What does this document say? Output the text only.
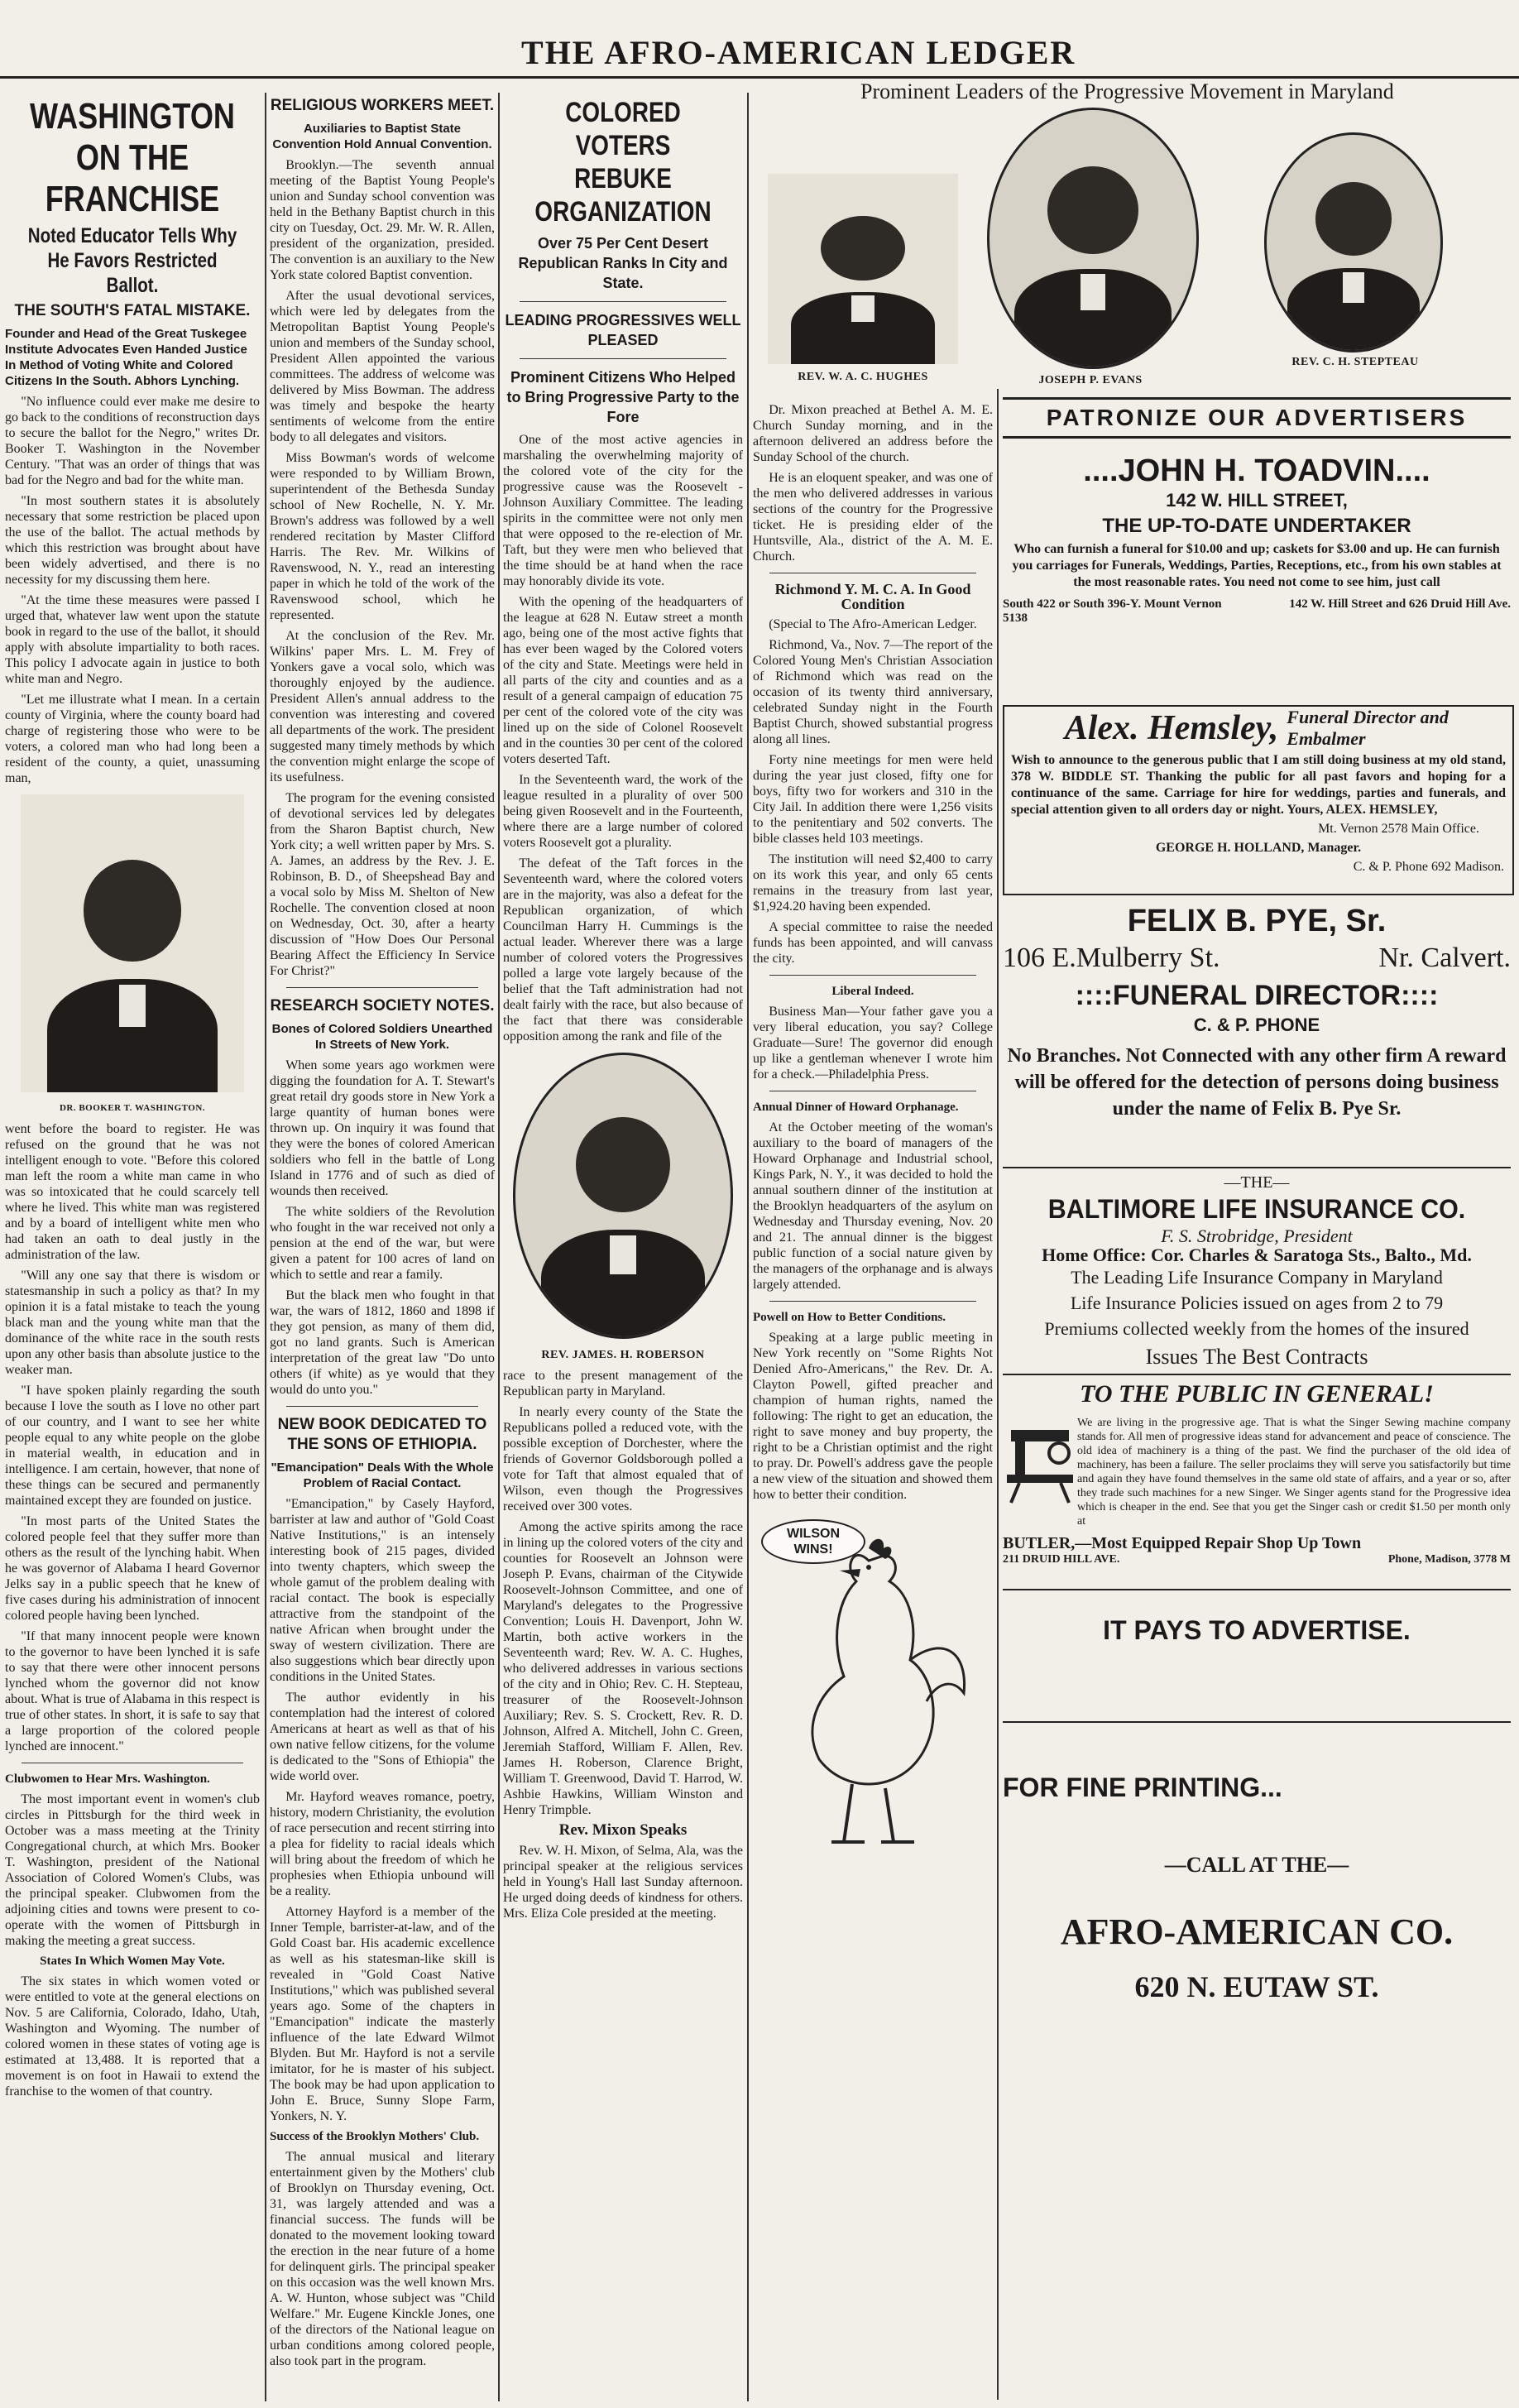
THE AFRO-AMERICAN LEDGER
Prominent Leaders of the Progressive Movement in Maryland
WASHINGTON ON THE FRANCHISE
Noted Educator Tells Why He Favors Restricted Ballot.
THE SOUTH'S FATAL MISTAKE.
Founder and Head of the Great Tuskegee Institute Advocates Even Handed Justice In Method of Voting White and Colored Citizens In the South. Abhors Lynching.

"No influence could ever make me desire to go back to the conditions of reconstruction days to secure the ballot for the Negro," writes Dr. Booker T. Washington in the November Century. "That was an order of things that was bad for the Negro and bad for the white man.

"In most southern states it is absolutely necessary that some restriction be placed upon the use of the ballot. The actual methods by which this restriction was brought about have been widely advertised, and there is no necessity for my discussing them here.

"At the time these measures were passed I urged that, whatever law went upon the statute book in regard to the use of the ballot, it should apply with absolute impartiality to both races. This policy I advocate again in justice to both white man and Negro.

"Let me illustrate what I mean. In a certain county of Virginia, where the county board had charge of registering those who were to be voters, a colored man who had long been a resident of the county, a quiet, unassuming man,

DR. BOOKER T. WASHINGTON.

went before the board to register. He was refused on the ground that he was not intelligent enough to vote. "Before this colored man left the room a white man came in who was so intoxicated that he could scarcely tell where he lived. This white man was registered and by a board of intelligent white men who had taken an oath to deal justly in the administration of the law.

"Will any one say that there is wisdom or statesmanship in such a policy as that? In my opinion it is a fatal mistake to teach the young black man and the young white man that the dominance of the white race in the south rests upon any other basis than absolute justice to the weaker man.

"I have spoken plainly regarding the south because I love the south as I love no other part of our country, and I want to see her white people equal to any white people on the globe in material wealth, in education and in intelligence. I am certain, however, that none of these things can be secured and permanently maintained except they are founded on justice.

"In most parts of the United States the colored people feel that they suffer more than others as the result of the lynching habit. When he was governor of Alabama I heard Governor Jelks say in a public speech that he knew of five cases during his administration of innocent colored people having been lynched.

"If that many innocent people were known to the governor to have been lynched it is safe to say that there were other innocent persons lynched whom the governor did not know about. What is true of Alabama in this respect is true of other states. In short, it is safe to say that a large proportion of the colored people lynched are innocent."

Clubwomen to Hear Mrs. Washington.

The most important event in women's club circles in Pittsburgh for the third week in October was a mass meeting at the Trinity Congregational church, at which Mrs. Booker T. Washington, president of the National Association of Colored Women's Clubs, was the principal speaker. Clubwomen from the adjoining cities and towns were present to co-operate with the women of Pittsburgh in making the meeting a great success.

States In Which Women May Vote.

The six states in which women voted or were entitled to vote at the general elections on Nov. 5 are California, Colorado, Idaho, Utah, Washington and Wyoming. The number of colored women in these states of voting age is estimated at 13,488. It is reported that a movement is on foot in Hawaii to extend the franchise to the women of that country.

RELIGIOUS WORKERS MEET.
Auxiliaries to Baptist State Convention Hold Annual Convention.

Brooklyn.—The seventh annual meeting of the Baptist Young People's union and Sunday school convention was held in the Bethany Baptist church in this city on Tuesday, Oct. 29. Mr. W. R. Allen, president of the organization, presided. The convention is an auxiliary to the New York state colored Baptist convention.

After the usual devotional services, which were led by delegates from the Metropolitan Baptist Young People's union and members of the Sunday school, President Allen appointed the various committees. The address of welcome was delivered by Miss Bowman. The address was timely and bespoke the hearty sentiments of welcome from the entire body to all delegates and visitors.

Miss Bowman's words of welcome were responded to by William Brown, superintendent of the Bethesda Sunday school of New Rochelle, N. Y. Mr. Brown's address was followed by a well rendered recitation by Master Clifford Harris. The Rev. Mr. Wilkins of Ravenswood, N. Y., read an interesting paper in which he told of the work of the Ravenswood school, which he represented.

At the conclusion of the Rev. Mr. Wilkins' paper Mrs. L. M. Frey of Yonkers gave a vocal solo, which was thoroughly enjoyed by the audience. President Allen's annual address to the convention was interesting and covered all departments of the work. The president suggested many timely methods by which the convention might enlarge the scope of its usefulness.

The program for the evening consisted of devotional services led by delegates from the Sharon Baptist church, New York city; a well written paper by Mrs. S. A. James, an address by the Rev. J. E. Robinson, B. D., of Sheepshead Bay and a vocal solo by Miss M. Shelton of New Rochelle. The convention closed at noon on Wednesday, Oct. 30, after a hearty discussion of "How Does Our Personal Bearing Affect the Efficiency In Service For Christ?"

RESEARCH SOCIETY NOTES.
Bones of Colored Soldiers Unearthed In Streets of New York.

When some years ago workmen were digging the foundation for A. T. Stewart's great retail dry goods store in New York a large quantity of human bones were thrown up. On inquiry it was found that they were the bones of colored American soldiers who fell in the battle of Long Island in 1776 and of such as died of wounds then received.

The white soldiers of the Revolution who fought in the war received not only a pension at the end of the war, but were given a patent for 100 acres of land on which to settle and rear a family.

But the black men who fought in that war, the wars of 1812, 1860 and 1898 if they got pension, as many of them did, got no land grants. Such is American interpretation of the great law "Do unto others (if white) as ye would that they would do unto you."

NEW BOOK DEDICATED TO THE SONS OF ETHIOPIA.
"Emancipation" Deals With the Whole Problem of Racial Contact.

"Emancipation," by Casely Hayford, barrister at law and author of "Gold Coast Native Institutions," is an intensely interesting book of 215 pages, divided into twenty chapters, which sweep the whole gamut of the problem dealing with racial contact. The book is especially attractive from the standpoint of the native African when brought under the sway of western civilization. There are also suggestions which bear directly upon conditions in the United States.

The author evidently in his contemplation had the interest of colored Americans at heart as well as that of his own native fellow citizens, for the volume is dedicated to the "Sons of Ethiopia" the wide world over.

Mr. Hayford weaves romance, poetry, history, modern Christianity, the evolution of race persecution and recent stirring into a plea for fidelity to racial ideals which will bring about the freedom of which he prophesies when Ethiopia unbound will be a reality.

Attorney Hayford is a member of the Inner Temple, barrister-at-law, and of the Gold Coast bar. His academic excellence as well as his statesman-like skill is revealed in "Gold Coast Native Institutions," which was published several years ago. Some of the chapters in "Emancipation" indicate the masterly influence of the late Edward Wilmot Blyden. But Mr. Hayford is not a servile imitator, for he is master of his subject. The book may be had upon application to John E. Bruce, Sunny Slope Farm, Yonkers, N. Y.

Success of the Brooklyn Mothers' Club.

The annual musical and literary entertainment given by the Mothers' club of Brooklyn on Thursday evening, Oct. 31, was largely attended and was a financial success. The funds will be donated to the movement looking toward the erection in the near future of a home for delinquent girls. The principal speaker on this occasion was the well known Mrs. A. W. Hunton, whose subject was "Child Welfare." Mr. Eugene Kinckle Jones, one of the directors of the National league on urban conditions among colored people, also took part in the program.

COLORED VOTERS REBUKE ORGANIZATION
Over 75 Per Cent Desert Republican Ranks In City and State.
LEADING PROGRESSIVES WELL PLEASED
Prominent Citizens Who Helped to Bring Progressive Party to the Fore

One of the most active agencies in marshaling the overwhelming majority of the colored vote of the city for the progressive cause was the Roosevelt - Johnson Auxiliary Committee. The leading spirits in the committee were not only men that were opposed to the re-election of Mr. Taft, but they were men who believed that the time should be at hand when the race may honorably divide its vote.

With the opening of the headquarters of the league at 628 N. Eutaw street a month ago, being one of the most active fights that has ever been waged by the Colored voters of the city and State. Meetings were held in all parts of the city and counties and as a result of a general campaign of education 75 per cent of the colored vote of the city was lined up on the side of Colonel Roosevelt and in the counties 30 per cent of the colored voters deserted Taft.

In the Seventeenth ward, the work of the league resulted in a plurality of over 500 being given Roosevelt and in the Fourteenth, where there are a large number of colored voters Roosevelt got a plurality.

The defeat of the Taft forces in the Seventeenth ward, where the colored voters are in the majority, was also a defeat for the Republican organization, of which Councilman Harry H. Cummings is the actual leader. Wherever there was a large number of colored voters the Progressives polled a large vote largely because of the belief that the Taft administration had not dealt fairly with the race, but also because of the fact that there was considerable opposition among the rank and file of the

REV. JAMES. H. ROBERSON

race to the present management of the Republican party in Maryland.

In nearly every county of the State the Republicans polled a reduced vote, with the possible exception of Dorchester, where the friends of Governor Goldsborough polled a vote for Taft that almost equaled that of Wilson, even though the Progressives received over 300 votes.

Among the active spirits among the race in lining up the colored voters of the city and counties for Roosevelt an Johnson were Joseph P. Evans, chairman of the Citywide Roosevelt-Johnson Committee, and one of Maryland's delegates to the Progressive Convention; Louis H. Davenport, John W. Martin, both active workers in the Seventeenth ward; Rev. W. A. C. Hughes, who delivered addresses in various sections of the city and in Ohio; Rev. C. H. Stepteau, treasurer of the Roosevelt-Johnson Auxiliary; Rev. S. S. Crockett, Rev. R. D. Johnson, Alfred A. Mitchell, John C. Green, Jeremiah Stafford, William F. Allen, Rev. James H. Roberson, Clarence Bright, William T. Greenwood, David T. Harrod, W. Ashbie Hawkins, William Winston and Henry Trimpble.

Rev. Mixon Speaks

Rev. W. H. Mixon, of Selma, Ala, was the principal speaker at the religious services held in Young's Hall last Sunday afternoon. He urged doing deeds of kindness for others. Mrs. Eliza Cole presided at the meeting.

REV. W. A. C. HUGHES	JOSEPH P. EVANS
REV. C. H. STEPTEAU

Dr. Mixon preached at Bethel A. M. E. Church Sunday morning, and in the afternoon delivered an address before the Sunday School of the church.

He is an eloquent speaker, and was one of the men who delivered addresses in various sections of the country for the Progressive ticket. He is presiding elder of the Huntsville, Ala., district of the A. M. E. Church.

Richmond Y. M. C. A. In Good Condition

(Special to The Afro-American Ledger.

Richmond, Va., Nov. 7—The report of the Colored Young Men's Christian Association of Richmond which was read on the occasion of its twenty third anniversary, celebrated Sunday night in the Fourth Baptist Church, showed substantial progress along all lines.

Forty nine meetings for men were held during the year just closed, fifty one for boys, fifty two for workers and 310 in the City Jail. In addition there were 1,256 visits to the penitentiary and 502 converts. The bible classes held 103 meetings.

The institution will need $2,400 to carry on its work this year, and only 65 cents remains in the treasury from last year, $1,924.20 having been expended.

A special committee to raise the needed funds has been appointed, and will canvass the city.

Liberal Indeed.

Business Man—Your father gave you a very liberal education, you say? College Graduate—Sure! The governor did enough up like a gentleman whenever I wrote him for a check.—Philadelphia Press.

Annual Dinner of Howard Orphanage.

At the October meeting of the woman's auxiliary to the board of managers of the Howard Orphanage and Industrial school, Kings Park, N. Y., it was decided to hold the annual southern dinner of the institution at the Brooklyn headquarters of the asylum on Wednesday and Thursday evening, Nov. 20 and 21. The annual dinner is the biggest public function of a social nature given by the managers of the orphanage and is always largely attended.

Powell on How to Better Conditions.

Speaking at a large public meeting in New York recently on "Some Rights Not Denied Afro-Americans," the Rev. Dr. A. Clayton Powell, gifted preacher and champion of human rights, named the following: The right to get an education, the right to save money and buy property, the right to be a Christian optimist and the right to pray. Dr. Powell's address gave the people a new view of the situation and showed them how to better their condition.

WILSON WINS!
PATRONIZE OUR ADVERTISERS
....JOHN H. TOADVIN....
142 W. HILL STREET,
THE UP-TO-DATE UNDERTAKER

Who can furnish a funeral for $10.00 and up; caskets for $3.00 and up. He can furnish you carriages for Funerals, Weddings, Parties, Receptions, etc., from his own stables at the most reasonable rates. You need not come to see him, just call

South 422 or South 396-Y. Mount Vernon 5138
142 W. Hill Street and 626 Druid Hill Ave.
Alex. Hemsley, Funeral Director and Embalmer

Wish to announce to the generous public that I am still doing business at my old stand, 378 W. BIDDLE ST. Thanking the public for all past favors and hoping for a continuance of the same. Carriage for hire for weddings, parties and funerals, and special attention given to all orders day or night. Yours, ALEX. HEMSLEY,

Mt. Vernon 2578 Main Office.

GEORGE H. HOLLAND, Manager.

C. & P. Phone 692 Madison.

FELIX B. PYE, Sr.
106 E.Mulberry St.	Nr. Calvert.
::::FUNERAL DIRECTOR::::
C. & P. PHONE

No Branches. Not Connected with any other firm A reward will be offered for the detection of persons doing business under the name of Felix B. Pye Sr.

—THE—
BALTIMORE LIFE INSURANCE CO.

F. S. Strobridge, President

Home Office: Cor. Charles & Saratoga Sts., Balto., Md.

The Leading Life Insurance Company in Maryland

Life Insurance Policies issued on ages from 2 to 79

Premiums collected weekly from the homes of the insured

Issues The Best Contracts

TO THE PUBLIC IN GENERAL!

We are living in the progressive age. That is what the Singer Sewing machine company stands for. All men of progressive ideas stand for advancement and peace of conscience. The old idea of machinery is a thing of the past. We find the purchaser of the old idea of machinery, has been a failure. The seller proclaims they will serve you satisfactorily but time and again they have found themselves in the same old state of affairs, and a year or so, after they trade such machines for a new Singer. We Singer agents stand for the Progressive idea which is cheaper in the end. See that you get the Singer cash or credit $1.50 per month only at

BUTLER,—Most Equipped Repair Shop Up Town
211 DRUID HILL AVE.	Phone, Madison, 3778 M
IT PAYS TO ADVERTISE.
FOR FINE PRINTING...
—CALL AT THE—
AFRO-AMERICAN CO.
620 N. EUTAW ST.
